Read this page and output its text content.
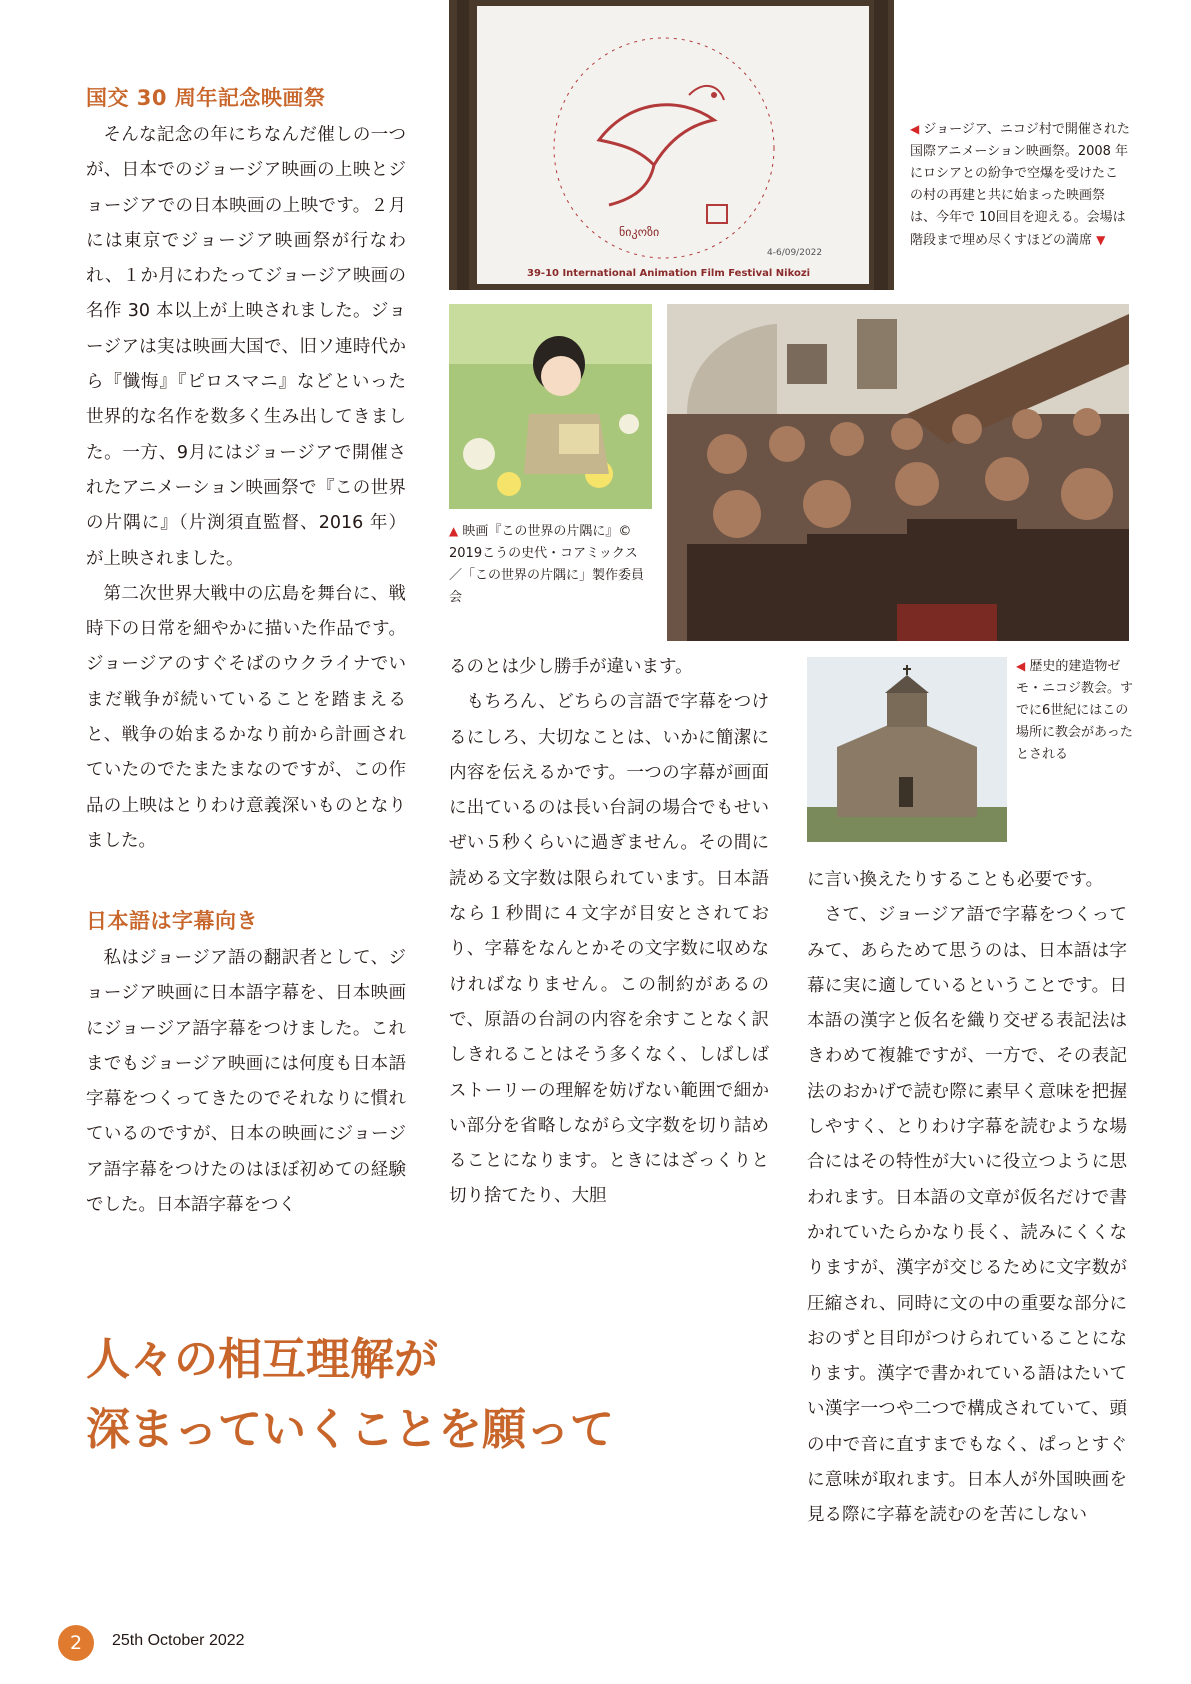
国交 30 周年記念映画祭

そんな記念の年にちなんだ催しの一つが、日本でのジョージア映画の上映とジョージアでの日本映画の上映です。２月には東京でジョージア映画祭が行なわれ、１か月にわたってジョージア映画の名作 30 本以上が上映されました。ジョージアは実は映画大国で、旧ソ連時代から『懺悔』『ピロスマニ』などといった世界的な名作を数多く生み出してきました。一方、9月にはジョージアで開催されたアニメーション映画祭で『この世界の片隅に』（片渕須直監督、2016 年）が上映されました。

第二次世界大戦中の広島を舞台に、戦時下の日常を細やかに描いた作品です。ジョージアのすぐそばのウクライナでいまだ戦争が続いていることを踏まえると、戦争の始まるかなり前から計画されていたのでたまたまなのですが、この作品の上映はとりわけ意義深いものとなりました。

日本語は字幕向き

私はジョージア語の翻訳者として、ジョージア映画に日本語字幕を、日本映画にジョージア語字幕をつけました。これまでもジョージア映画には何度も日本語字幕をつくってきたのでそれなりに慣れているのですが、日本の映画にジョージア語字幕をつけたのはほぼ初めての経験でした。日本語字幕をつく

ნიკოზი
4-6/09/2022
39-10 International Animation Film Festival Nikozi
◀ ジョージア、ニコジ村で開催された国際アニメーション映画祭。2008 年にロシアとの紛争で空爆を受けたこの村の再建と共に始まった映画祭は、今年で 10回目を迎える。会場は階段まで埋め尽くすほどの満席 ▼
▲ 映画『この世界の片隅に』© 2019こうの史代・コアミックス／「この世界の片隅に」製作委員会
◀ 歴史的建造物ゼモ・ニコジ教会。すでに6世紀にはこの場所に教会があったとされる

るのとは少し勝手が違います。

もちろん、どちらの言語で字幕をつけるにしろ、大切なことは、いかに簡潔に内容を伝えるかです。一つの字幕が画面に出ているのは長い台詞の場合でもせいぜい５秒くらいに過ぎません。その間に読める文字数は限られています。日本語なら１秒間に４文字が目安とされており、字幕をなんとかその文字数に収めなければなりません。この制約があるので、原語の台詞の内容を余すことなく訳しきれることはそう多くなく、しばしばストーリーの理解を妨げない範囲で細かい部分を省略しながら文字数を切り詰めることになります。ときにはざっくりと切り捨てたり、大胆

に言い換えたりすることも必要です。

さて、ジョージア語で字幕をつくってみて、あらためて思うのは、日本語は字幕に実に適しているということです。日本語の漢字と仮名を織り交ぜる表記法はきわめて複雑ですが、一方で、その表記法のおかげで読む際に素早く意味を把握しやすく、とりわけ字幕を読むような場合にはその特性が大いに役立つように思われます。日本語の文章が仮名だけで書かれていたらかなり長く、読みにくくなりますが、漢字が交じるために文字数が圧縮され、同時に文の中の重要な部分におのずと目印がつけられていることになります。漢字で書かれている語はたいてい漢字一つや二つで構成されていて、頭の中で音に直すまでもなく、ぱっとすぐに意味が取れます。日本人が外国映画を見る際に字幕を読むのを苦にしない

人々の相互理解が
深まっていくことを願って
2	25th October 2022
